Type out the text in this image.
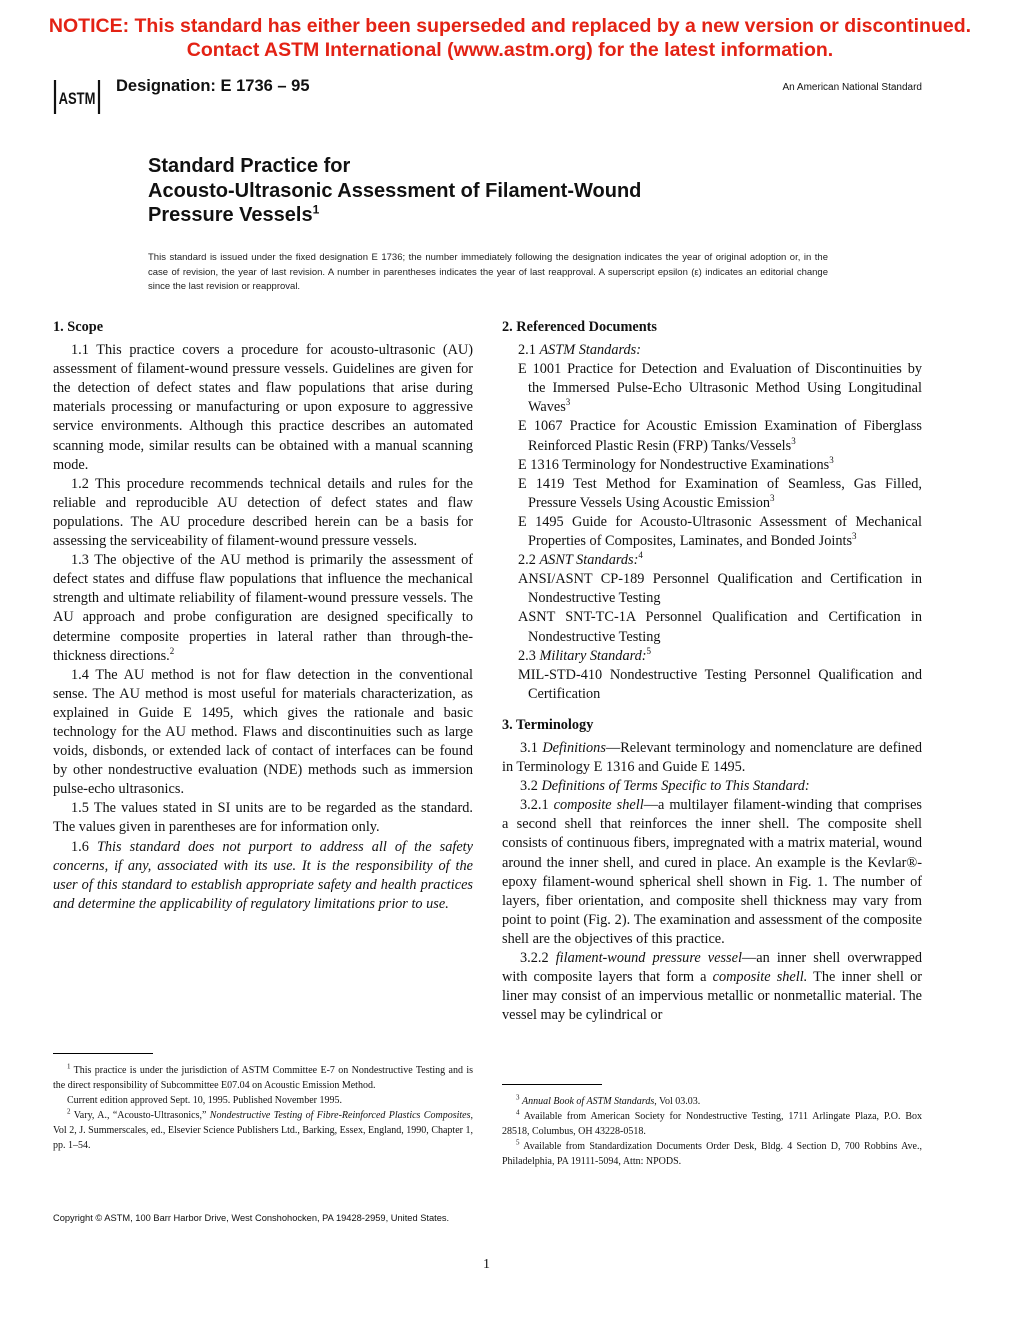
NOTICE: This standard has either been superseded and replaced by a new version or discontinued.
Contact ASTM International (www.astm.org) for the latest information.
ASTM
Designation: E 1736 – 95	An American National Standard
Standard Practice for
Acousto-Ultrasonic Assessment of Filament-Wound
Pressure Vessels$^1$
This standard is issued under the fixed designation E 1736; the number immediately following the designation indicates the year of original adoption or, in the case of revision, the year of last revision. A number in parentheses indicates the year of last reapproval. A superscript epsilon (ε) indicates an editorial change since the last revision or reapproval.
1. Scope

1.1 This practice covers a procedure for acousto-ultrasonic (AU) assessment of filament-wound pressure vessels. Guidelines are given for the detection of defect states and flaw populations that arise during materials processing or manufacturing or upon exposure to aggressive service environments. Although this practice describes an automated scanning mode, similar results can be obtained with a manual scanning mode.

1.2 This procedure recommends technical details and rules for the reliable and reproducible AU detection of defect states and flaw populations. The AU procedure described herein can be a basis for assessing the serviceability of filament-wound pressure vessels.

1.3 The objective of the AU method is primarily the assessment of defect states and diffuse flaw populations that influence the mechanical strength and ultimate reliability of filament-wound pressure vessels. The AU approach and probe configuration are designed specifically to determine composite properties in lateral rather than through-the-thickness directions.$^2$

1.4 The AU method is not for flaw detection in the conventional sense. The AU method is most useful for materials characterization, as explained in Guide E 1495, which gives the rationale and basic technology for the AU method. Flaws and discontinuities such as large voids, disbonds, or extended lack of contact of interfaces can be found by other nondestructive evaluation (NDE) methods such as immersion pulse-echo ultrasonics.

1.5 The values stated in SI units are to be regarded as the standard. The values given in parentheses are for information only.

1.6 This standard does not purport to address all of the safety concerns, if any, associated with its use. It is the responsibility of the user of this standard to establish appropriate safety and health practices and determine the applicability of regulatory limitations prior to use.

$^1$ This practice is under the jurisdiction of ASTM Committee E-7 on Nondestructive Testing and is the direct responsibility of Subcommittee E07.04 on Acoustic Emission Method.

Current edition approved Sept. 10, 1995. Published November 1995.

$^2$ Vary, A., “Acousto-Ultrasonics,” Nondestructive Testing of Fibre-Reinforced Plastics Composites, Vol 2, J. Summerscales, ed., Elsevier Science Publishers Ltd., Barking, Essex, England, 1990, Chapter 1, pp. 1–54.

2. Referenced Documents

2.1 ASTM Standards:

E 1001 Practice for Detection and Evaluation of Discontinuities by the Immersed Pulse-Echo Ultrasonic Method Using Longitudinal Waves$^3$

E 1067 Practice for Acoustic Emission Examination of Fiberglass Reinforced Plastic Resin (FRP) Tanks/Vessels$^3$

E 1316 Terminology for Nondestructive Examinations$^3$

E 1419 Test Method for Examination of Seamless, Gas Filled, Pressure Vessels Using Acoustic Emission$^3$

E 1495 Guide for Acousto-Ultrasonic Assessment of Mechanical Properties of Composites, Laminates, and Bonded Joints$^3$

2.2 ASNT Standards:$^4$

ANSI/ASNT CP-189 Personnel Qualification and Certification in Nondestructive Testing

ASNT SNT-TC-1A Personnel Qualification and Certification in Nondestructive Testing

2.3 Military Standard:$^5$

MIL-STD-410 Nondestructive Testing Personnel Qualification and Certification

3. Terminology

3.1 Definitions—Relevant terminology and nomenclature are defined in Terminology E 1316 and Guide E 1495.

3.2 Definitions of Terms Specific to This Standard:

3.2.1 composite shell—a multilayer filament-winding that comprises a second shell that reinforces the inner shell. The composite shell consists of continuous fibers, impregnated with a matrix material, wound around the inner shell, and cured in place. An example is the Kevlar®-epoxy filament-wound spherical shell shown in Fig. 1. The number of layers, fiber orientation, and composite shell thickness may vary from point to point (Fig. 2). The examination and assessment of the composite shell are the objectives of this practice.

3.2.2 filament-wound pressure vessel—an inner shell overwrapped with composite layers that form a composite shell. The inner shell or liner may consist of an impervious metallic or nonmetallic material. The vessel may be cylindrical or

$^3$ Annual Book of ASTM Standards, Vol 03.03.

$^4$ Available from American Society for Nondestructive Testing, 1711 Arlingate Plaza, P.O. Box 28518, Columbus, OH 43228-0518.

$^5$ Available from Standardization Documents Order Desk, Bldg. 4 Section D, 700 Robbins Ave., Philadelphia, PA 19111-5094, Attn: NPODS.

Copyright © ASTM, 100 Barr Harbor Drive, West Conshohocken, PA 19428-2959, United States.
1
